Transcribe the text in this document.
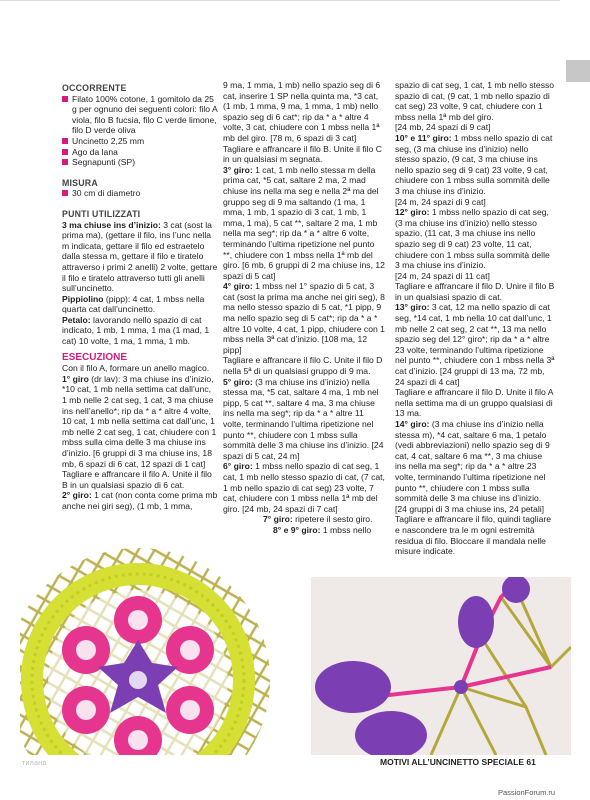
OCCORRENTE

Filato 100% cotone, 1 gomitolo da 25 g per ognuno dei seguenti colori: filo A viola, filo B fucsia, filo C verde limone, filo D verde oliva

Uncinetto 2,25 mm

Ago da lana

Segnapunti (SP)

MISURA

30 cm di diametro

PUNTI UTILIZZATI

3 ma chiuse ins d’inizio: 3 cat (sost la prima ma), (gettare il filo, ins l’unc nella m indicata, gettare il filo ed estraetelo dalla stessa m, gettare il filo e tiratelo attraverso i primi 2 anelli) 2 volte, gettare il filo e tiratelo attraverso tutti gli anelli sull’uncinetto.

Pippiolino (pipp): 4 cat, 1 mbss nella quarta cat dall’uncinetto.

Petalo: lavorando nello spazio di cat indicato, 1 mb, 1 mma, 1 ma (1 mad, 1 cat) 10 volte, 1 ma, 1 mma, 1 mb.

ESECUZIONE

Con il filo A, formare un anello magico.

1° giro (dr lav): 3 ma chiuse ins d’inizio, *10 cat, 1 mb nella settima cat dall’unc, 1 mb nelle 2 cat seg, 1 cat, 3 ma chiuse ins nell’anello*; rip da * a * altre 4 volte, 10 cat, 1 mb nella settima cat dall’unc, 1 mb nelle 2 cat seg, 1 cat, chiudere con 1 mbss sulla cima delle 3 ma chiuse ins d’inizio. [6 gruppi di 3 ma chiuse ins, 18 mb, 6 spazi di 6 cat, 12 spazi di 1 cat] Tagliare e affrancare il filo A. Unite il filo B in un qualsiasi spazio di 6 cat.

2° giro: 1 cat (non conta come prima mb anche nei giri seg), (1 mb, 1 mma,

9 ma, 1 mma, 1 mb) nello spazio seg di 6 cat, inserire 1 SP nella quinta ma, *3 cat, (1 mb, 1 mma, 9 ma, 1 mma, 1 mb) nello spazio seg di 6 cat*; rip da * a * altre 4 volte, 3 cat, chiudere con 1 mbss nella 1ª mb del giro. [78 m, 6 spazi di 3 cat]

Tagliare e affrancare il filo B. Unite il filo C in un qualsiasi m segnata.

3° giro: 1 cat, 1 mb nello stessa m della prima cat, *5 cat, saltare 2 ma, 2 mad chiuse ins nella ma seg e nella 2ª ma del gruppo seg di 9 ma saltando (1 ma, 1 mma, 1 mb, 1 spazio di 3 cat, 1 mb, 1 mma, 1 ma), 5 cat **, saltare 2 ma, 1 mb nella ma seg*; rip da * a * altre 6 volte, terminando l’ultima ripetizione nel punto **, chiudere con 1 mbss nella 1ª mb del giro. [6 mb, 6 gruppi di 2 ma chiuse ins, 12 spazi di 5 cat]

4° giro: 1 mbss nel 1° spazio di 5 cat, 3 cat (sost la prima ma anche nei giri seg), 8 ma nello stesso spazio di 5 cat, *1 pipp, 9 ma nello spazio seg di 5 cat*; rip da * a * altre 10 volte, 4 cat, 1 pipp, chiudere con 1 mbss nella 3ª cat d’inizio. [108 ma, 12 pipp]

Tagliare e affrancare il filo C. Unite il filo D nella 5ª di un qualsiasi gruppo di 9 ma.

5° giro: (3 ma chiuse ins d’inizio) nella stessa ma, *5 cat, saltare 4 ma, 1 mb nel pipp, 5 cat **, saltare 4 ma, 3 ma chiuse ins nella ma seg*; rip da * a * altre 11 volte, terminando l’ultima ripetizione nel punto **, chiudere con 1 mbss sulla sommità delle 3 ma chiuse ins d’inizio. [24 spazi di 5 cat, 24 m]

6° giro: 1 mbss nello spazio di cat seg, 1 cat, 1 mb nello stesso spazio di cat, (7 cat, 1 mb nello spazio di cat seg) 23 volte, 7 cat, chiudere con 1 mbss nella 1ª mb del giro. [24 mb, 24 spazi di 7 cat]

7° giro: ripetere il sesto giro.

8° e 9° giro: 1 mbss nello

spazio di cat seg, 1 cat, 1 mb nello stesso spazio di cat, (9 cat, 1 mb nello spazio di cat seg) 23 volte, 9 cat, chiudere con 1 mbss nella 1ª mb del giro.

[24 mb, 24 spazi di 9 cat]

10° e 11° giro: 1 mbss nello spazio di cat seg, (3 ma chiuse ins d’inizio) nello stesso spazio, (9 cat, 3 ma chiuse ins nello spazio seg di 9 cat) 23 volte, 9 cat, chiudere con 1 mbss sulla sommità delle 3 ma chiuse ins d’inizio.

[24 m, 24 spazi di 9 cat]

12° giro: 1 mbss nello spazio di cat seg, (3 ma chiuse ins d’inizio) nello stesso spazio, (11 cat, 3 ma chiuse ins nello spazio seg di 9 cat) 23 volte, 11 cat, chiudere con 1 mbss sulla sommità delle 3 ma chiuse ins d’inizio.

[24 m, 24 spazi di 11 cat]

Tagliare e affrancare il filo D. Unire il filo B in un qualsiasi spazio di cat.

13° giro: 3 cat, 12 ma nello spazio di cat seg, *14 cat, 1 mb nella 10 cat dall’unc, 1 mb nelle 2 cat seg, 2 cat **, 13 ma nello spazio seg del 12° giro*; rip da * a * altre 23 volte, terminando l’ultima ripetizione nel punto **, chiudere con 1 mbss nella 3ª cat d’inizio. [24 gruppi di 13 ma, 72 mb, 24 spazi di 4 cat]

Tagliare e affrancare il filo D. Unite il filo A nella settima ma di un gruppo qualsiasi di 13 ma.

14° giro: (3 ma chiuse ins d’inizio nella stessa m), *4 cat, saltare 6 ma, 1 petalo (vedi abbreviazioni) nello spazio seg di 9 cat, 4 cat, saltare 6 ma **, 3 ma chiuse ins nella ma seg*; rip da * a * altre 23 volte, terminando l’ultima ripetizione nel punto **, chiudere con 1 mbss sulla sommità delle 3 ma chiuse ins d’inizio.

[24 gruppi di 3 ma chiuse ins, 24 petali]

Tagliare e affrancare il filo, quindi tagliare e nascondere tra le m ogni estremità residua di filo. Bloccare il mandala nelle misure indicate.

тилана	MOTIVI ALL’UNCINETTO SPECIALE 61
PassionForum.ru
